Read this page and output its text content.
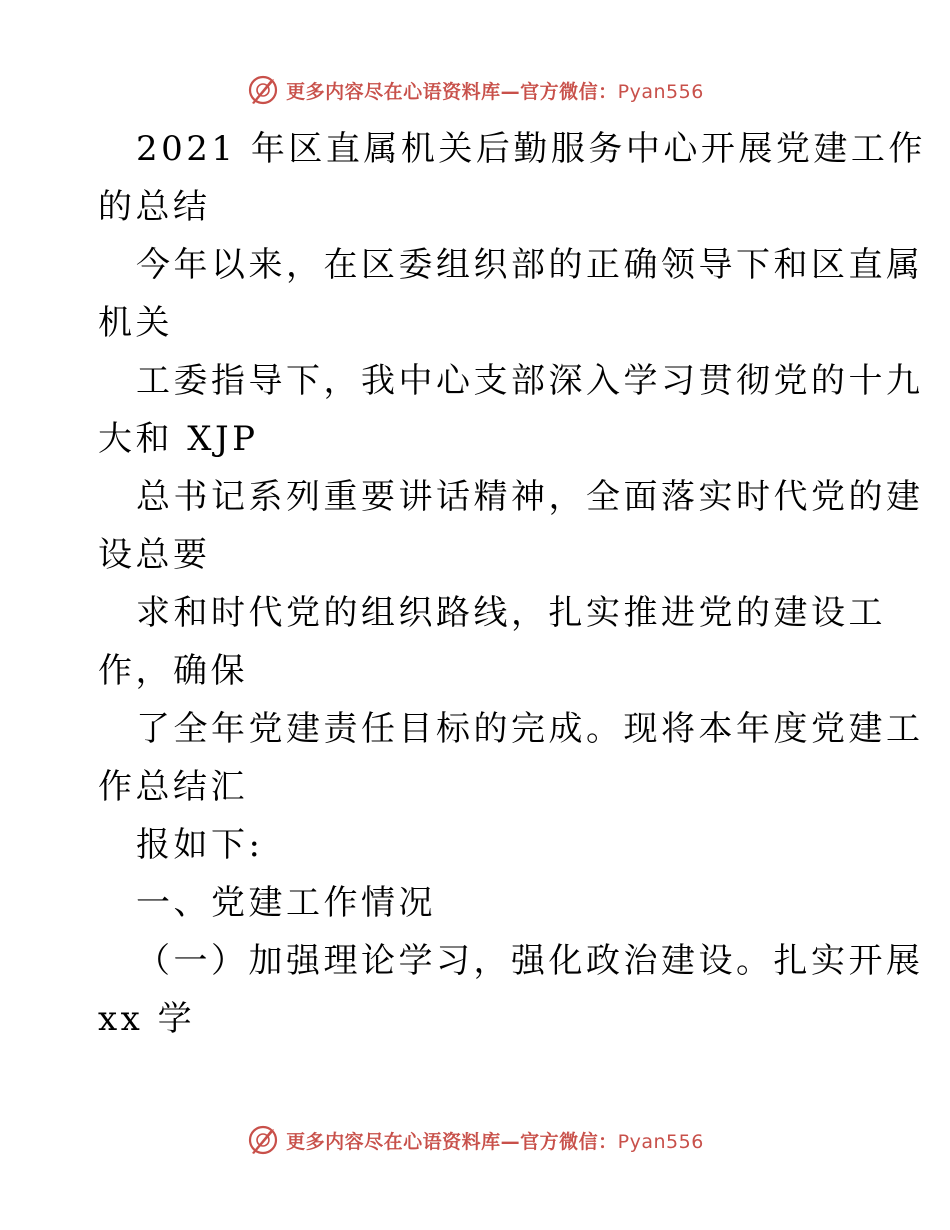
更多内容尽在心语资料库—官方微信：Pyan556
2021 年区直属机关后勤服务中心开展党建工作
的总结
今年以来，在区委组织部的正确领导下和区直属
机关
工委指导下，我中心支部深入学习贯彻党的十九
大和 XJP
总书记系列重要讲话精神，全面落实时代党的建
设总要
求和时代党的组织路线，扎实推进党的建设工
作，确保
了全年党建责任目标的完成。现将本年度党建工
作总结汇
报如下:
一、党建工作情况
（一）加强理论学习，强化政治建设。扎实开展
xx 学
更多内容尽在心语资料库—官方微信：Pyan556
